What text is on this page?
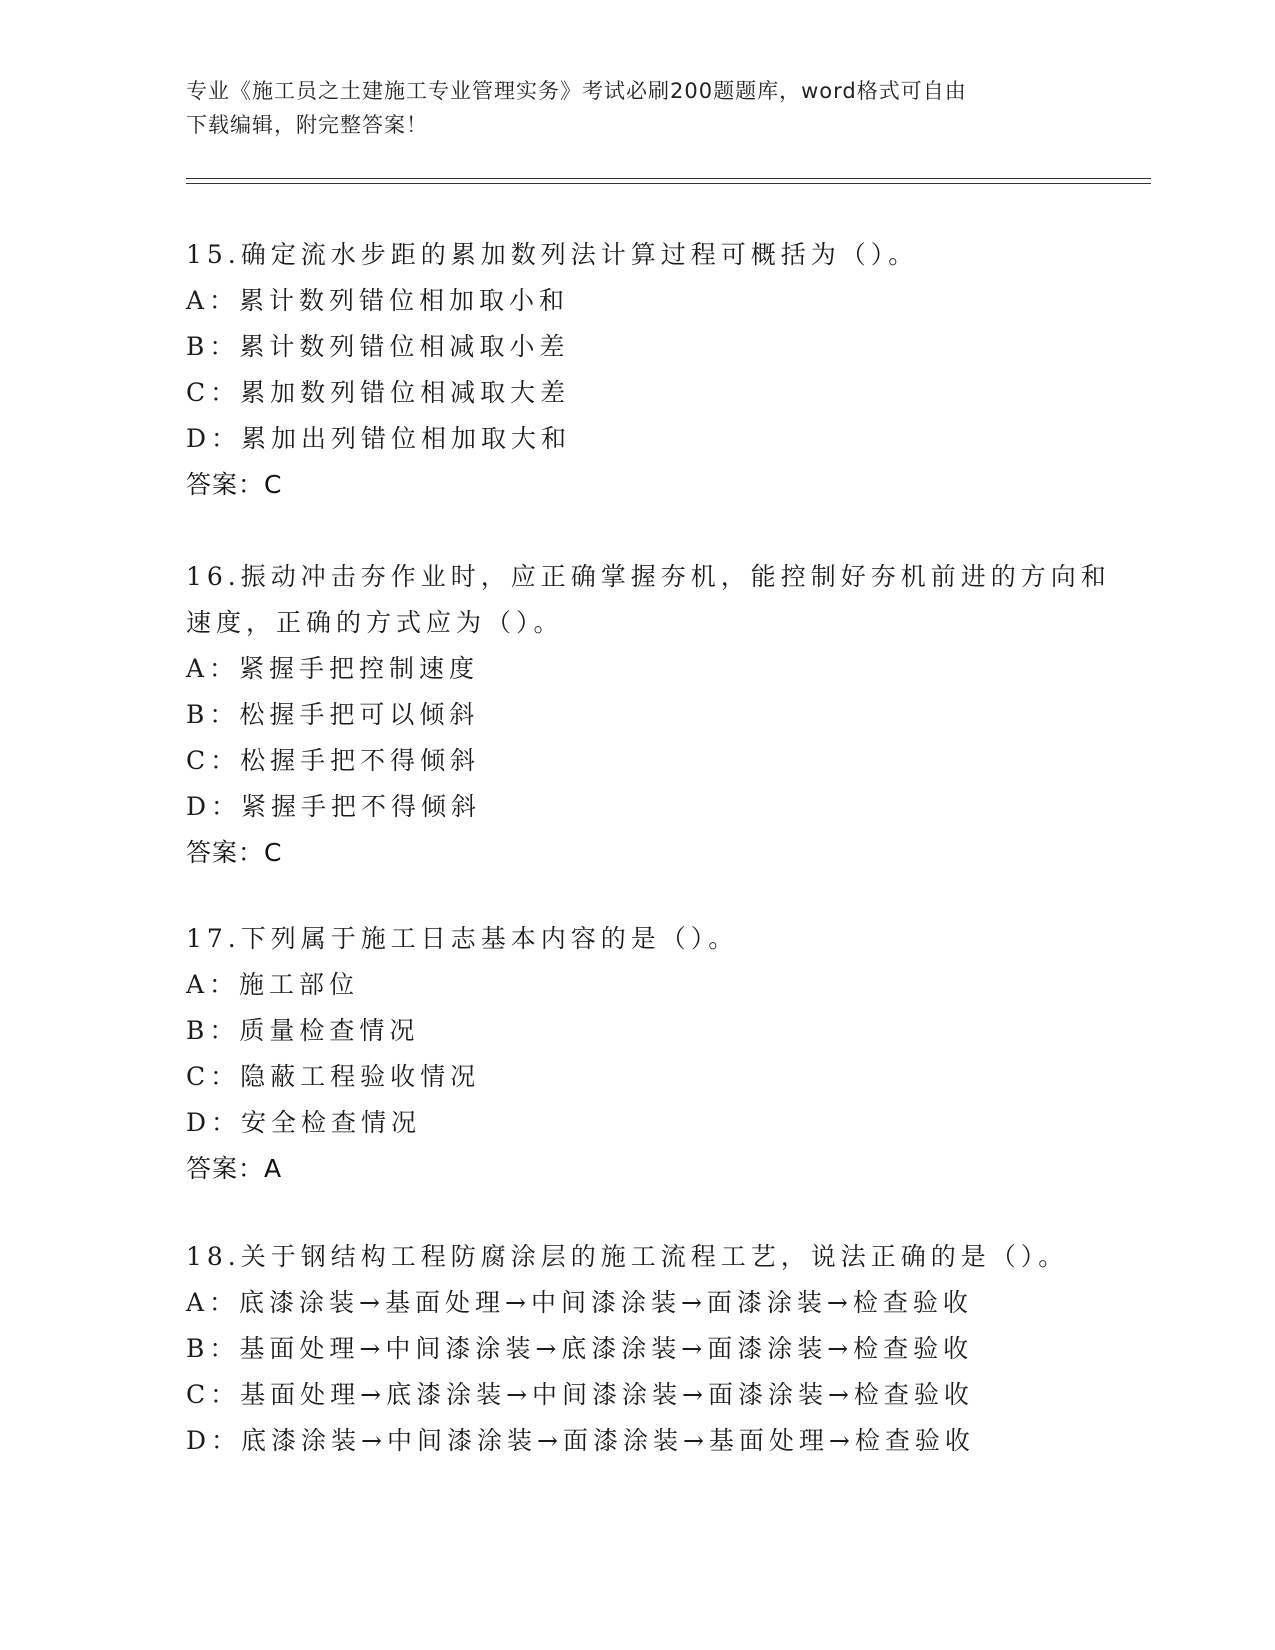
专业《施工员之土建施工专业管理实务》考试必刷200题题库，word格式可自由
下载编辑，附完整答案！
15.确定流水步距的累加数列法计算过程可概括为（）。
A：累计数列错位相加取小和
B：累计数列错位相减取小差
C：累加数列错位相减取大差
D：累加出列错位相加取大和
答案：C
16.振动冲击夯作业时，应正确掌握夯机，能控制好夯机前进的方向和
速度，正确的方式应为（）。
A：紧握手把控制速度
B：松握手把可以倾斜
C：松握手把不得倾斜
D：紧握手把不得倾斜
答案：C
17.下列属于施工日志基本内容的是（）。
A：施工部位
B：质量检查情况
C：隐蔽工程验收情况
D：安全检查情况
答案：A
18.关于钢结构工程防腐涂层的施工流程工艺，说法正确的是（）。
A：底漆涂装→基面处理→中间漆涂装→面漆涂装→检查验收
B：基面处理→中间漆涂装→底漆涂装→面漆涂装→检查验收
C：基面处理→底漆涂装→中间漆涂装→面漆涂装→检查验收
D：底漆涂装→中间漆涂装→面漆涂装→基面处理→检查验收
